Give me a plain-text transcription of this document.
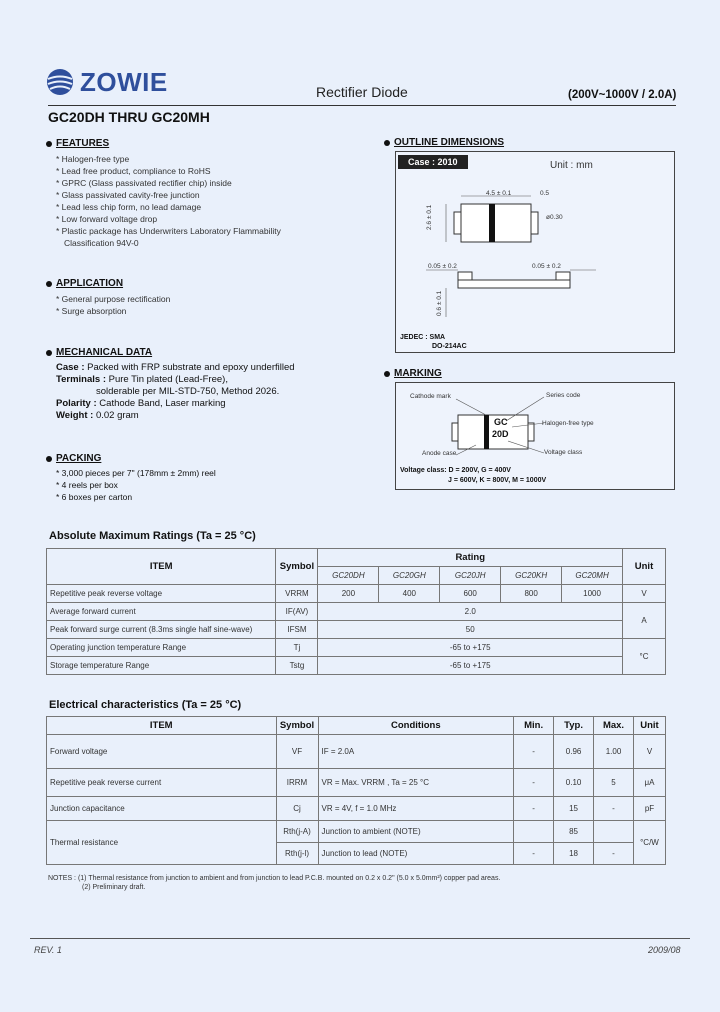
ZOWIE	Rectifier Diode	(200V~1000V / 2.0A)
GC20DH THRU GC20MH
FEATURES
* Halogen-free type
* Lead free product, compliance to RoHS
* GPRC (Glass passivated rectifier chip) inside
* Glass passivated cavity-free junction
* Lead less chip form, no lead damage
* Low forward voltage drop
* Plastic package has Underwriters Laboratory Flammability
Classification 94V-0
APPLICATION
* General purpose rectification
* Surge absorption
MECHANICAL DATA
Case : Packed with FRP substrate and epoxy underfilled
Terminals : Pure Tin plated (Lead-Free),
solderable per MIL-STD-750, Method 2026.
Polarity : Cathode Band, Laser marking
Weight : 0.02 gram
PACKING
* 3,000 pieces per 7" (178mm ± 2mm) reel
* 4 reels per box
* 6 boxes per carton
OUTLINE DIMENSIONS
Case : 2010	Unit : mm
4.5 ± 0.1
2.6 ± 0.1
0.5
ø0.30
0.05 ± 0.2	0.05 ± 0.2
0.6 ± 0.1
JEDEC : SMA
DO-214AC
MARKING
Cathode mark	Series code
Halogen-free type
Anode case	Voltage class
GC
20D
Voltage class: D = 200V, G = 400V
J = 600V, K = 800V, M = 1000V
Absolute Maximum Ratings (Ta = 25 °C)
ITEM	Symbol	Rating					Unit
		GC20DH	GC20GH	GC20JH	GC20KH	GC20MH	
Repetitive peak reverse voltage	VRRM	200	400	600	800	1000	V
Average forward current	IF(AV)	2.0					A
Peak forward surge current (8.3ms single half sine-wave)	IFSM	50					
Operating junction temperature Range	Tj	-65 to +175					°C
Storage temperature Range	Tstg	-65 to +175					
Electrical characteristics (Ta = 25 °C)
ITEM	Symbol	Conditions	Min.	Typ.	Max.	Unit
Forward voltage	VF	IF = 2.0A	-	0.96	1.00	V
Repetitive peak reverse current	IRRM	VR = Max. VRRM , Ta = 25 °C	-	0.10	5	μA
Junction capacitance	Cj	VR = 4V, f = 1.0 MHz	-	15	-	pF
Thermal resistance	Rth(j-A)	Junction to ambient (NOTE)		85		°C/W
	Rth(j-l)	Junction to lead (NOTE)	-	18	-	
NOTES : (1) Thermal resistance from junction to ambient and from junction to lead P.C.B. mounted on 0.2 x 0.2" (5.0 x 5.0mm²) copper pad areas.
(2) Preliminary draft.
REV. 1	2009/08
